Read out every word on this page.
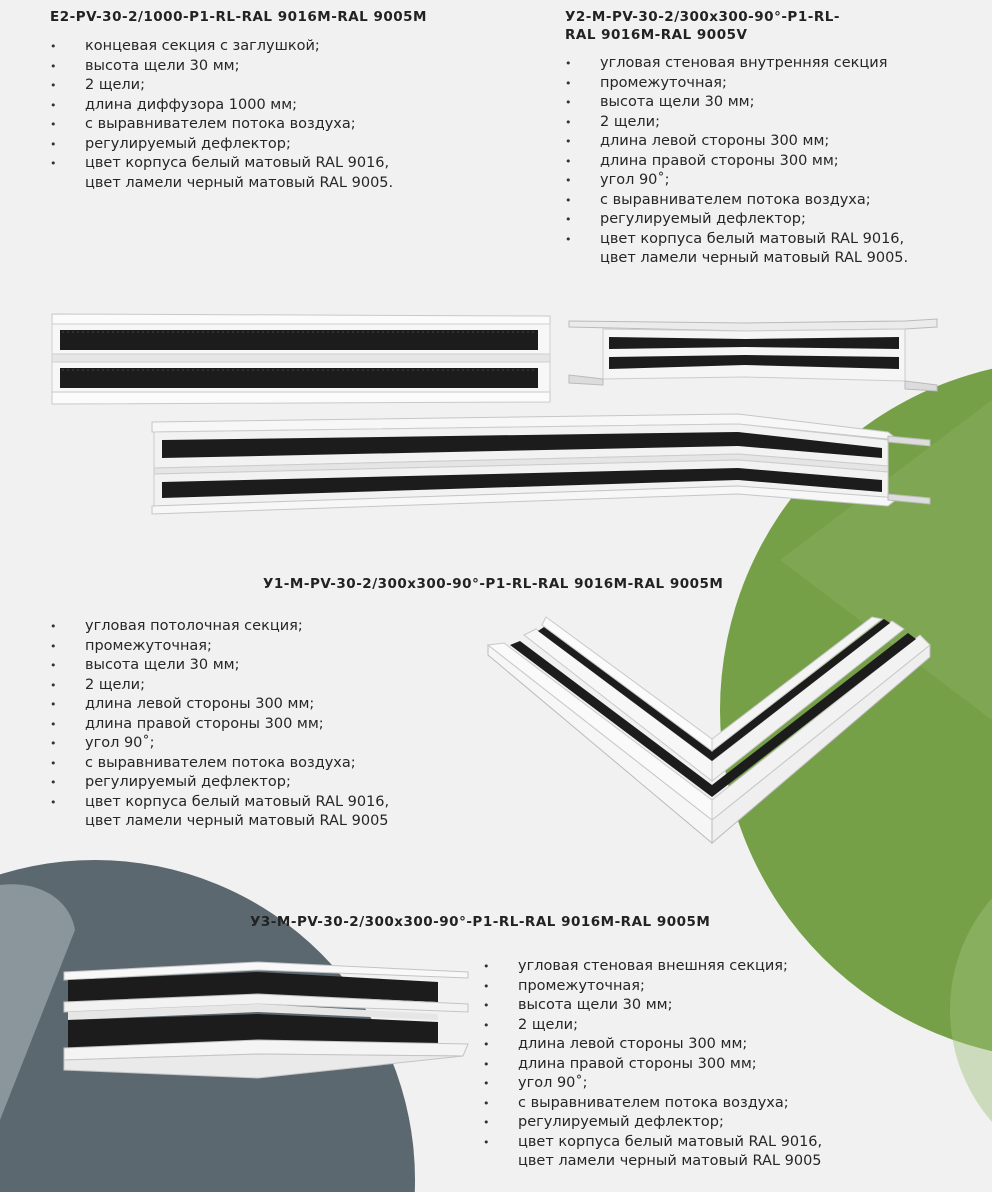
E2-PV-30-2/1000-P1-RL-RAL 9016M-RAL 9005M
• концевая секция с заглушкой;
• высота щели 30 мм;
• 2 щели;
• длина диффузора 1000 мм;
• с выравнивателем потока воздуха;
• регулируемый дефлектор;
• цвет корпуса белый матовый RAL 9016,
цвет ламели черный матовый RAL 9005.
У2-М-PV-30-2/300х300-90°-P1-RL-
RAL 9016M-RAL 9005V
• угловая стеновая внутренняя секция
• промежуточная;
• высота щели 30 мм;
• 2 щели;
• длина левой стороны 300 мм;
• длина правой стороны 300 мм;
• угол 90˚;
• с выравнивателем потока воздуха;
• регулируемый дефлектор;
• цвет корпуса белый матовый RAL 9016,
цвет ламели черный матовый RAL 9005.
У1-М-PV-30-2/300х300-90°-P1-RL-RAL 9016M-RAL 9005M
• угловая потолочная секция;
• промежуточная;
• высота щели 30 мм;
• 2 щели;
• длина левой стороны 300 мм;
• длина правой стороны 300 мм;
• угол 90˚;
• с выравнивателем потока воздуха;
• регулируемый дефлектор;
• цвет корпуса белый матовый RAL 9016,
цвет ламели черный матовый RAL 9005
У3-М-PV-30-2/300х300-90°-P1-RL-RAL 9016M-RAL 9005M
• угловая стеновая внешняя секция;
• промежуточная;
• высота щели 30 мм;
• 2 щели;
• длина левой стороны 300 мм;
• длина правой стороны 300 мм;
• угол 90˚;
• с выравнивателем потока воздуха;
• регулируемый дефлектор;
• цвет корпуса белый матовый RAL 9016,
цвет ламели черный матовый RAL 9005
